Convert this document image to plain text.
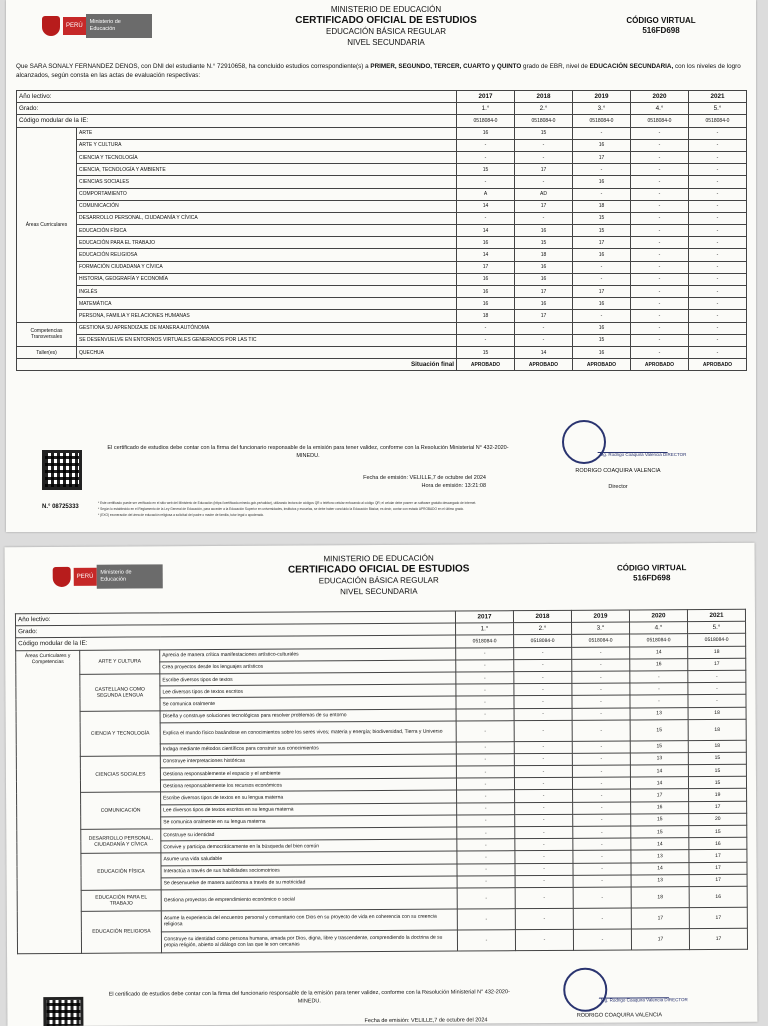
PERÚ
Ministerio de Educación
MINISTERIO DE EDUCACIÓN
CERTIFICADO OFICIAL DE ESTUDIOS
EDUCACIÓN BÁSICA REGULAR
NIVEL SECUNDARIA
CÓDIGO VIRTUAL
516FD698
Que SARA SONALY FERNANDEZ DENOS, con DNI del estudiante N.° 72910658, ha concluido estudios correspondiente(s) a PRIMER, SEGUNDO, TERCER, CUARTO y QUINTO grado de EBR, nivel de EDUCACIÓN SECUNDARIA, con los niveles de logro alcanzados, según consta en las actas de evaluación respectivas:
Año lectivo:		2017	2018	2019	2020	2021
Grado:		1.°	2.°	3.°	4.°	5.°
Código modular de la IE:		0518084-0	0518084-0	0518084-0	0518084-0	0518084-0
Áreas Curriculares	ARTE	16	15	-	-	-
	ARTE Y CULTURA	-	-	16	-	-
	CIENCIA Y TECNOLOGÍA	-	-	17	-	-
	CIENCIA, TECNOLOGÍA Y AMBIENTE	15	17	-	-	-
	CIENCIAS SOCIALES	-	-	16	-	-
	COMPORTAMIENTO	A	AD	-	-	-
	COMUNICACIÓN	14	17	18	-	-
	DESARROLLO PERSONAL, CIUDADANÍA Y CÍVICA	-	-	15	-	-
	EDUCACIÓN FÍSICA	14	16	15	-	-
	EDUCACIÓN PARA EL TRABAJO	16	15	17	-	-
	EDUCACIÓN RELIGIOSA	14	18	16	-	-
	FORMACIÓN CIUDADANA Y CÍVICA	17	16	-	-	-
	HISTORIA, GEOGRAFÍA Y ECONOMÍA	16	16	-	-	-
	INGLÉS	16	17	17	-	-
	MATEMÁTICA	16	16	16	-	-
	PERSONA, FAMILIA Y RELACIONES HUMANAS	18	17	-	-	-
Competencias Transversales	GESTIONA SU APRENDIZAJE DE MANERA AUTÓNOMA	-	-	16	-	-
	SE DESENVUELVE EN ENTORNOS VIRTUALES GENERADOS POR LAS TIC	-	-	15	-	-
Taller(es)	QUECHUA	15	14	16	-	-
Situación final		APROBADO	APROBADO	APROBADO	APROBADO	APROBADO
El certificado de estudios debe contar con la firma del funcionario responsable de la emisión para tener validez, conforme con la Resolución Ministerial N° 432-2020-MINEDU.
Fecha de emisión: VELILLE,7 de octubre del 2024
Hora de emisión: 13:21:08
Mg. Rodrigo Coaquira Valencia DIRECTOR
RODRIGO COAQUIRA VALENCIA
Director
* Este certificado puede ser verificado en el sitio web del Ministerio de Educación (https://certificado.minedu.gob.pe/validar), utilizando lectora de códigos QR o teléfono celular enfocando al código QR; el celular debe poseer un software gratuito descargado de internet.
* Según lo establecido en el Reglamento de la Ley General de Educación, para acceder a la Educación Superior en universidades, institutos y escuelas, se debe haber concluido la Educación Básica; es decir, contar con estado APROBADO en el último grado.
* (EXO) exoneración del área de educación religiosa a solicitud del padre o madre de familia, tutor legal o apoderado.
N.° 08725333
PERÚ
Ministerio de Educación
MINISTERIO DE EDUCACIÓN
CERTIFICADO OFICIAL DE ESTUDIOS
EDUCACIÓN BÁSICA REGULAR
NIVEL SECUNDARIA
CÓDIGO VIRTUAL
516FD698
Año lectivo:			2017	2018	2019	2020	2021
Grado:			1.°	2.°	3.°	4.°	5.°
Código modular de la IE:			0518084-0	0518084-0	0518084-0	0518084-0	0518084-0
Áreas Curriculares y Competencias	ARTE Y CULTURA	Aprecia de manera crítica manifestaciones artístico-culturales	-	-	-	14	18
		Crea proyectos desde los lenguajes artísticos	-	-	-	16	17
	CASTELLANO COMO SEGUNDA LENGUA	Escribe diversos tipos de textos	-	-	-	-	-
		Lee diversos tipos de textos escritos	-	-	-	-	-
		Se comunica oralmente	-	-	-	-	-
	CIENCIA Y TECNOLOGÍA	Diseña y construye soluciones tecnológicas para resolver problemas de su entorno	-	-	-	13	18
		Explica el mundo físico basándose en conocimientos sobre los seres vivos; materia y energía; biodiversidad, Tierra y Universo	-	-	-	15	18
		Indaga mediante métodos científicos para construir sus conocimientos	-	-	-	15	18
	CIENCIAS SOCIALES	Construye interpretaciones históricas	-	-	-	13	15
		Gestiona responsablemente el espacio y el ambiente	-	-	-	14	15
		Gestiona responsablemente los recursos económicos	-	-	-	14	15
	COMUNICACIÓN	Escribe diversos tipos de textos en su lengua materna	-	-	-	17	19
		Lee diversos tipos de textos escritos en su lengua materna	-	-	-	16	17
		Se comunica oralmente en su lengua materna	-	-	-	15	20
	DESARROLLO PERSONAL, CIUDADANÍA Y CÍVICA	Construye su identidad	-	-	-	15	15
		Convive y participa democráticamente en la búsqueda del bien común	-	-	-	14	16
	EDUCACIÓN FÍSICA	Asume una vida saludable	-	-	-	13	17
		Interactúa a través de sus habilidades sociomotrices	-	-	-	14	17
		Se desenvuelve de manera autónoma a través de su motricidad	-	-	-	13	17
	EDUCACIÓN PARA EL TRABAJO	Gestiona proyectos de emprendimiento económico o social	-	-	-	18	16
	EDUCACIÓN RELIGIOSA	Asume la experiencia del encuentro personal y comunitario con Dios en su proyecto de vida en coherencia con su creencia religiosa	-	-	-	17	17
		Construye su identidad como persona humana, amada por Dios, digna, libre y trascendente, comprendiendo la doctrina de su propia religión, abierto al diálogo con las que le son cercanas	-	-	-	17	17
El certificado de estudios debe contar con la firma del funcionario responsable de la emisión para tener validez, conforme con la Resolución Ministerial N° 432-2020-MINEDU.
Fecha de emisión: VELILLE,7 de octubre del 2024
Mg. Rodrigo Coaquira Valencia DIRECTOR
RODRIGO COAQUIRA VALENCIA
